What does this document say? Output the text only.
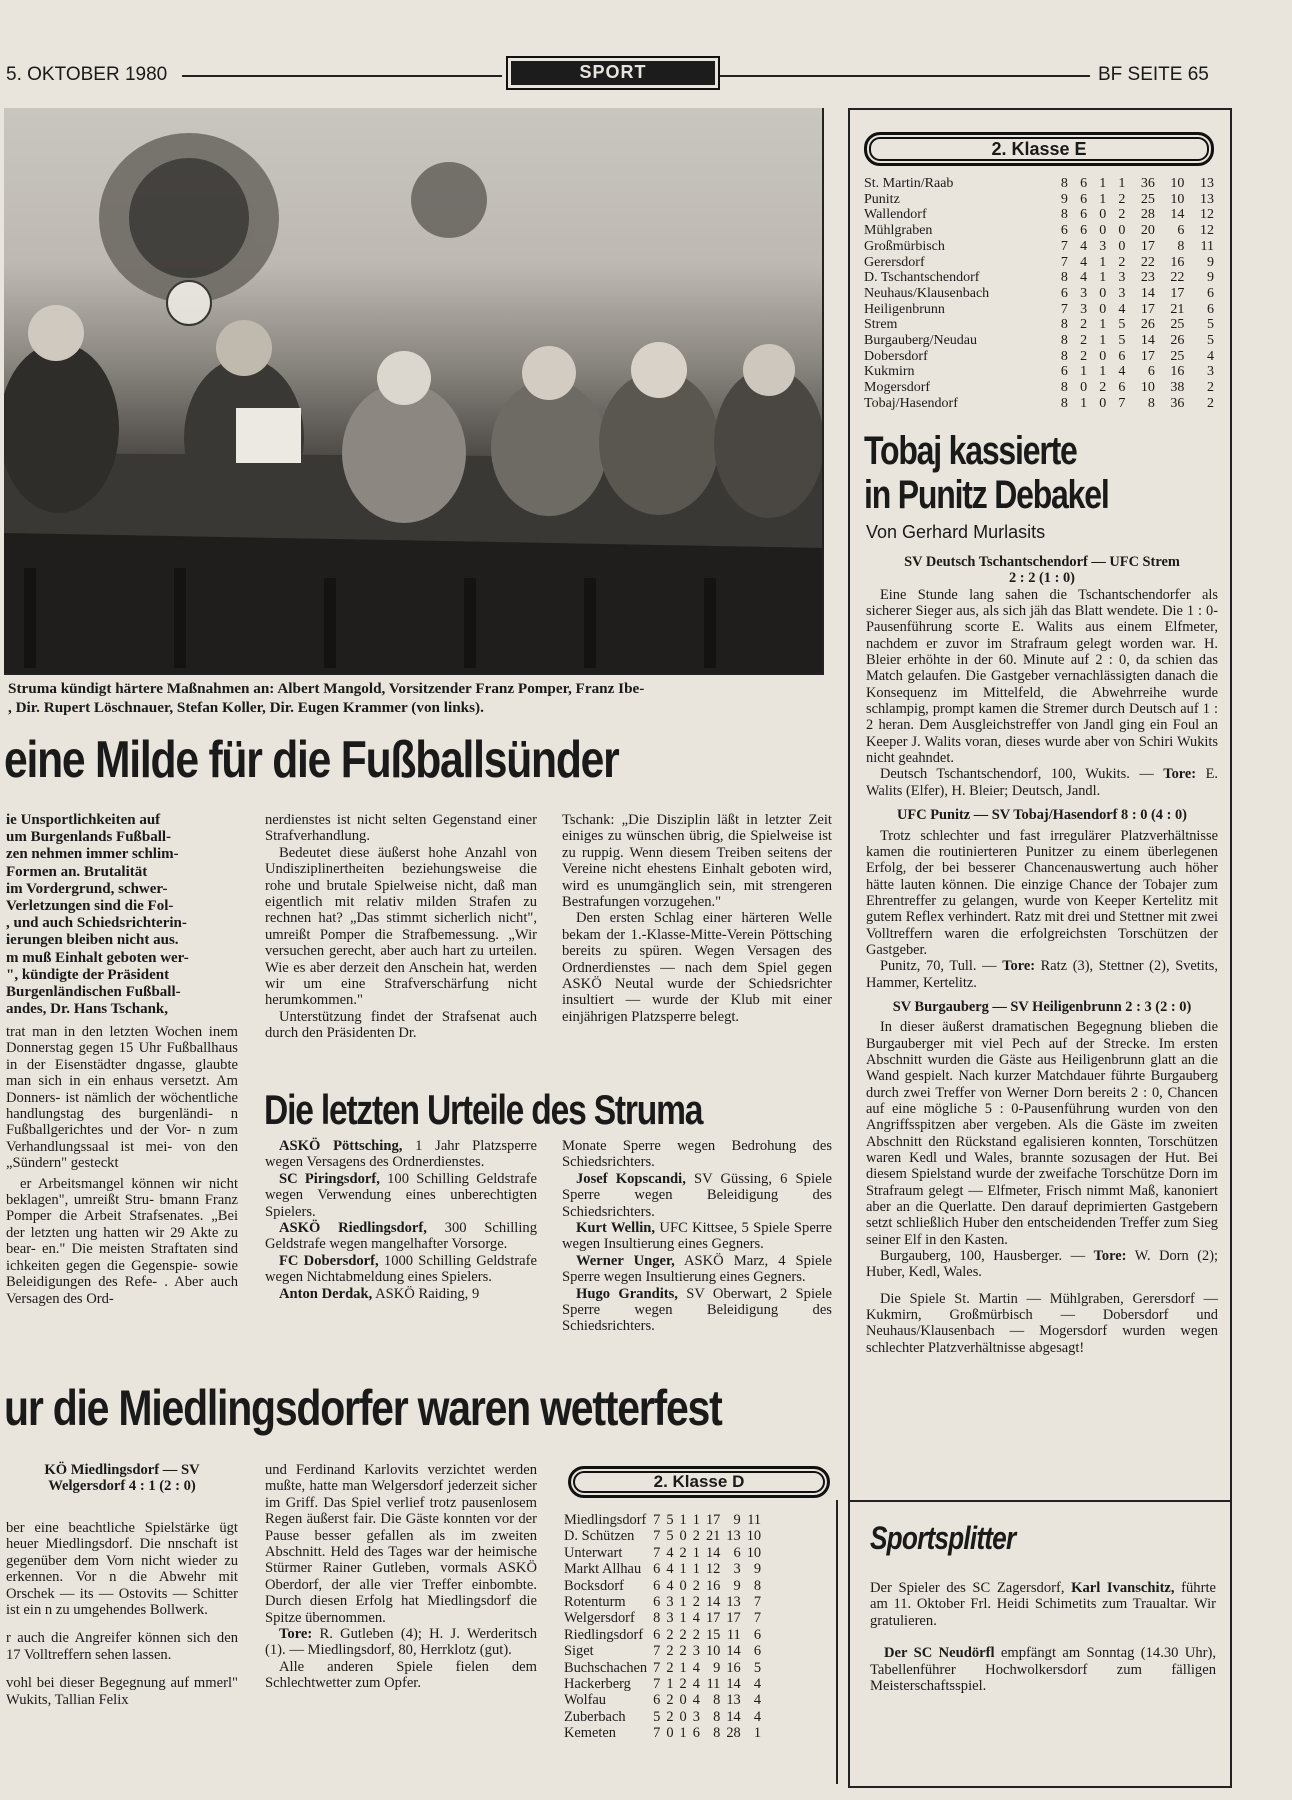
5. OKTOBER 1980	SPORT	BF SEITE 65
Struma kündigt härtere Maßnahmen an: Albert Mangold, Vorsitzender Franz Pomper, Franz Ibe-
, Dir. Rupert Löschnauer, Stefan Koller, Dir. Eugen Krammer (von links).
eine Milde für die Fußballsünder
ie Unsportlichkeiten auf
um Burgenlands Fußball-
zen nehmen immer schlim-
Formen an. Brutalität
im Vordergrund, schwer-
Verletzungen sind die Fol-
, und auch Schiedsrichterin-
ierungen bleiben nicht aus.
m muß Einhalt geboten wer-
", kündigte der Präsident
Burgenländischen Fußball-
andes, Dr. Hans Tschank,

trat man in den letzten Wochen inem Donnerstag gegen 15 Uhr Fußballhaus in der Eisenstädter dngasse, glaubte man sich in ein enhaus versetzt. Am Donners- ist nämlich der wöchentliche handlungstag des burgenländi- n Fußballgerichtes und der Vor- n zum Verhandlungssaal ist mei- von den „Sündern" gesteckt

er Arbeitsmangel können wir nicht beklagen", umreißt Stru- bmann Franz Pomper die Arbeit Strafsenates. „Bei der letzten ung hatten wir 29 Akte zu bear- en." Die meisten Straftaten sind ichkeiten gegen die Gegenspie- sowie Beleidigungen des Refe- . Aber auch Versagen des Ord-

nerdienstes ist nicht selten Gegenstand einer Strafverhandlung.

Bedeutet diese äußerst hohe Anzahl von Undisziplinertheiten beziehungsweise die rohe und brutale Spielweise nicht, daß man eigentlich mit relativ milden Strafen zu rechnen hat? „Das stimmt sicherlich nicht", umreißt Pomper die Strafbemessung. „Wir versuchen gerecht, aber auch hart zu urteilen. Wie es aber derzeit den Anschein hat, werden wir um eine Strafverschärfung nicht herumkommen."

Unterstützung findet der Strafsenat auch durch den Präsidenten Dr.

Tschank: „Die Disziplin läßt in letzter Zeit einiges zu wünschen übrig, die Spielweise ist zu ruppig. Wenn diesem Treiben seitens der Vereine nicht ehestens Einhalt geboten wird, wird es unumgänglich sein, mit strengeren Bestrafungen vorzugehen."

Den ersten Schlag einer härteren Welle bekam der 1.-Klasse-Mitte-Verein Pöttsching bereits zu spüren. Wegen Versagen des Ordnerdienstes — nach dem Spiel gegen ASKÖ Neutal wurde der Schiedsrichter insultiert — wurde der Klub mit einer einjährigen Platzsperre belegt.

Die letzten Urteile des Struma

ASKÖ Pöttsching, 1 Jahr Platzsperre wegen Versagens des Ordnerdienstes.

SC Piringsdorf, 100 Schilling Geldstrafe wegen Verwendung eines unberechtigten Spielers.

ASKÖ Riedlingsdorf, 300 Schilling Geldstrafe wegen mangelhafter Vorsorge.

FC Dobersdorf, 1000 Schilling Geldstrafe wegen Nichtabmeldung eines Spielers.

Anton Derdak, ASKÖ Raiding, 9

Monate Sperre wegen Bedrohung des Schiedsrichters.

Josef Kopscandi, SV Güssing, 6 Spiele Sperre wegen Beleidigung des Schiedsrichters.

Kurt Wellin, UFC Kittsee, 5 Spiele Sperre wegen Insultierung eines Gegners.

Werner Unger, ASKÖ Marz, 4 Spiele Sperre wegen Insultierung eines Gegners.

Hugo Grandits, SV Oberwart, 2 Spiele Sperre wegen Beleidigung des Schiedsrichters.

ur die Miedlingsdorfer waren wetterfest
KÖ Miedlingsdorf — SV Welgersdorf 4 : 1 (2 : 0)

ber eine beachtliche Spielstärke ügt heuer Miedlingsdorf. Die nnschaft ist gegenüber dem Vorn nicht wieder zu erkennen. Vor n die Abwehr mit Orschek — its — Ostovits — Schitter ist ein n zu umgehendes Bollwerk.

r auch die Angreifer können sich den 17 Volltreffern sehen lassen.

vohl bei dieser Begegnung auf mmerl" Wukits, Tallian Felix

und Ferdinand Karlovits verzichtet werden mußte, hatte man Welgersdorf jederzeit sicher im Griff. Das Spiel verlief trotz pausenlosem Regen äußerst fair. Die Gäste konnten vor der Pause besser gefallen als im zweiten Abschnitt. Held des Tages war der heimische Stürmer Rainer Gutleben, vormals ASKÖ Oberdorf, der alle vier Treffer einbombte. Durch diesen Erfolg hat Miedlingsdorf die Spitze übernommen.

Tore: R. Gutleben (4); H. J. Werderitsch (1). — Miedlingsdorf, 80, Herrklotz (gut).

Alle anderen Spiele fielen dem Schlechtwetter zum Opfer.

2. Klasse D
Miedlingsdorf	7	5	1	1	17	9	11
D. Schützen	7	5	0	2	21	13	10
Unterwart	7	4	2	1	14	6	10
Markt Allhau	6	4	1	1	12	3	9
Bocksdorf	6	4	0	2	16	9	8
Rotenturm	6	3	1	2	14	13	7
Welgersdorf	8	3	1	4	17	17	7
Riedlingsdorf	6	2	2	2	15	11	6
Siget	7	2	2	3	10	14	6
Buchschachen	7	2	1	4	9	16	5
Hackerberg	7	1	2	4	11	14	4
Wolfau	6	2	0	4	8	13	4
Zuberbach	5	2	0	3	8	14	4
Kemeten	7	0	1	6	8	28	1
2. Klasse E
St. Martin/Raab	8	6	1	1	36	10	13
Punitz	9	6	1	2	25	10	13
Wallendorf	8	6	0	2	28	14	12
Mühlgraben	6	6	0	0	20	6	12
Großmürbisch	7	4	3	0	17	8	11
Gerersdorf	7	4	1	2	22	16	9
D. Tschantschendorf	8	4	1	3	23	22	9
Neuhaus/Klausenbach	6	3	0	3	14	17	6
Heiligenbrunn	7	3	0	4	17	21	6
Strem	8	2	1	5	26	25	5
Burgauberg/Neudau	8	2	1	5	14	26	5
Dobersdorf	8	2	0	6	17	25	4
Kukmirn	6	1	1	4	6	16	3
Mogersdorf	8	0	2	6	10	38	2
Tobaj/Hasendorf	8	1	0	7	8	36	2
Tobaj kassierte
in Punitz Debakel
Von Gerhard Murlasits
SV Deutsch Tschantschendorf — UFC Strem
2 : 2 (1 : 0)

Eine Stunde lang sahen die Tschantschendorfer als sicherer Sieger aus, als sich jäh das Blatt wendete. Die 1 : 0-Pausenführung scorte E. Walits aus einem Elfmeter, nachdem er zuvor im Strafraum gelegt worden war. H. Bleier erhöhte in der 60. Minute auf 2 : 0, da schien das Match gelaufen. Die Gastgeber vernachlässigten danach die Konsequenz im Mittelfeld, die Abwehrreihe wurde schlampig, prompt kamen die Stremer durch Deutsch auf 1 : 2 heran. Dem Ausgleichstreffer von Jandl ging ein Foul an Keeper J. Walits voran, dieses wurde aber von Schiri Wukits nicht geahndet.

Deutsch Tschantschendorf, 100, Wukits. — Tore: E. Walits (Elfer), H. Bleier; Deutsch, Jandl.

UFC Punitz — SV Tobaj/Hasendorf 8 : 0 (4 : 0)

Trotz schlechter und fast irregulärer Platzverhältnisse kamen die routinierteren Punitzer zu einem überlegenen Erfolg, der bei besserer Chancenauswertung auch höher hätte lauten können. Die einzige Chance der Tobajer zum Ehrentreffer zu gelangen, wurde von Keeper Kertelitz mit gutem Reflex verhindert. Ratz mit drei und Stettner mit zwei Volltreffern waren die erfolgreichsten Torschützen der Gastgeber.

Punitz, 70, Tull. — Tore: Ratz (3), Stettner (2), Svetits, Hammer, Kertelitz.

SV Burgauberg — SV Heiligenbrunn 2 : 3 (2 : 0)

In dieser äußerst dramatischen Begegnung blieben die Burgauberger mit viel Pech auf der Strecke. Im ersten Abschnitt wurden die Gäste aus Heiligenbrunn glatt an die Wand gespielt. Nach kurzer Matchdauer führte Burgauberg durch zwei Treffer von Werner Dorn bereits 2 : 0, Chancen auf eine mögliche 5 : 0-Pausenführung wurden von den Angriffsspitzen aber vergeben. Als die Gäste im zweiten Abschnitt den Rückstand egalisieren konnten, Torschützen waren Kedl und Wales, brannte sozusagen der Hut. Bei diesem Spielstand wurde der zweifache Torschütze Dorn im Strafraum gelegt — Elfmeter, Frisch nimmt Maß, kanoniert aber an die Querlatte. Den darauf deprimierten Gastgebern setzt schließlich Huber den entscheidenden Treffer zum Sieg seiner Elf in den Kasten.

Burgauberg, 100, Hausberger. — Tore: W. Dorn (2); Huber, Kedl, Wales.

Die Spiele St. Martin — Mühlgraben, Gerersdorf — Kukmirn, Großmürbisch — Dobersdorf und Neuhaus/Klausenbach — Mogersdorf wurden wegen schlechter Platzverhältnisse abgesagt!

Sportsplitter

Der Spieler des SC Zagersdorf, Karl Ivanschitz, führte am 11. Oktober Frl. Heidi Schimetits zum Traualtar. Wir gratulieren.

Der SC Neudörfl empfängt am Sonntag (14.30 Uhr), Tabellenführer Hochwolkersdorf zum fälligen Meisterschaftsspiel.
